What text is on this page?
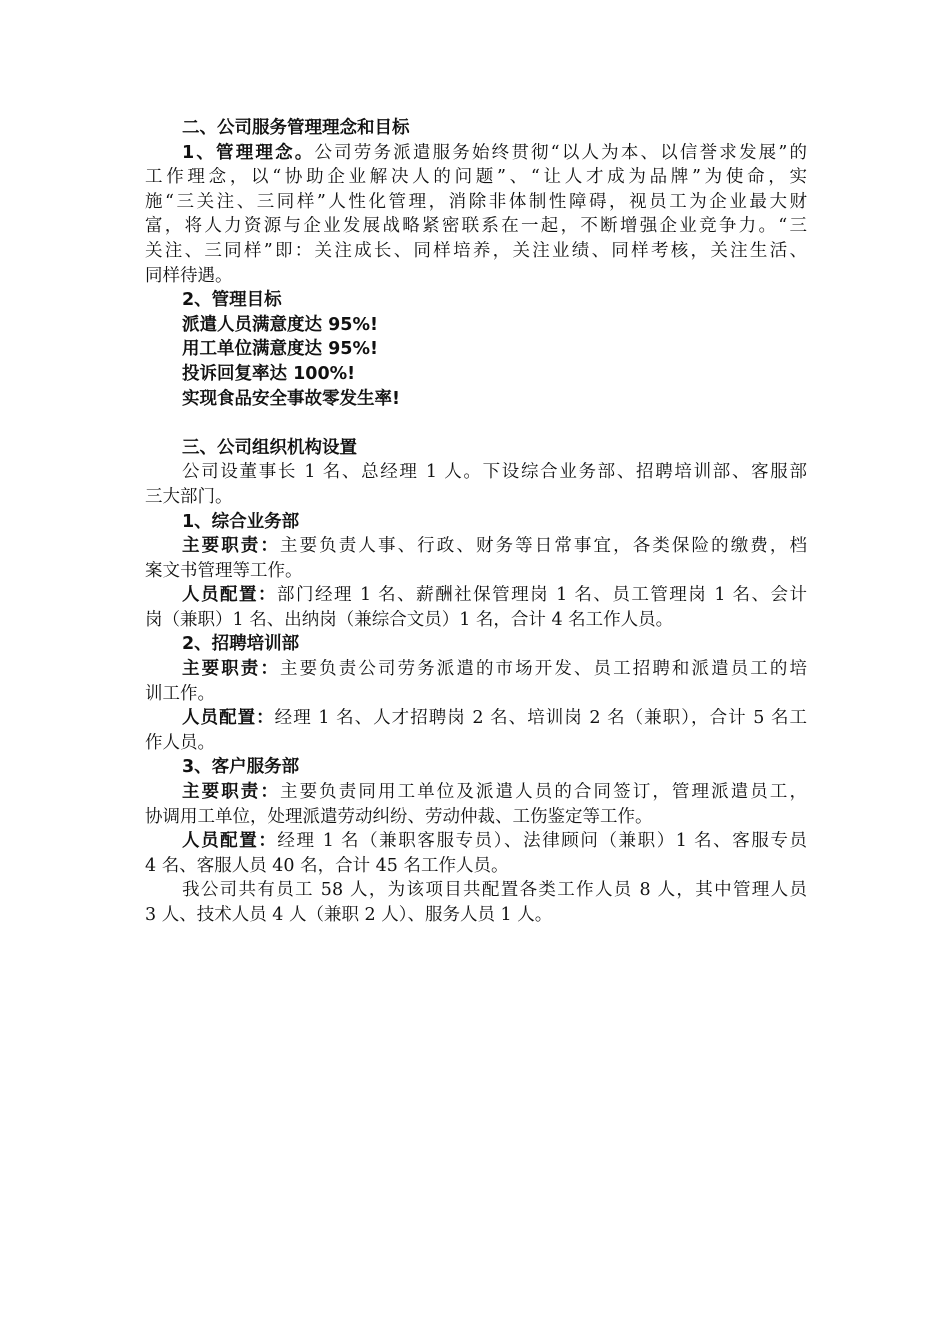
二、公司服务管理理念和目标
1、管理理念。公司劳务派遣服务始终贯彻“以人为本、以信誉求发展”的
工作理念，以“协助企业解决人的问题”、“让人才成为品牌”为使命，实
施“三关注、三同样”人性化管理，消除非体制性障碍，视员工为企业最大财
富，将人力资源与企业发展战略紧密联系在一起，不断增强企业竞争力。“三
关注、三同样”即：关注成长、同样培养，关注业绩、同样考核，关注生活、
同样待遇。
2、管理目标
派遣人员满意度达 95%!
用工单位满意度达 95%!
投诉回复率达 100%!
实现食品安全事故零发生率!
三、公司组织机构设置
公司设董事长 1 名、总经理 1 人。下设综合业务部、招聘培训部、客服部
三大部门。
1、综合业务部
主要职责：主要负责人事、行政、财务等日常事宜，各类保险的缴费，档
案文书管理等工作。
人员配置：部门经理 1 名、薪酬社保管理岗 1 名、员工管理岗 1 名、会计
岗（兼职）1 名、出纳岗（兼综合文员）1 名，合计 4 名工作人员。
2、招聘培训部
主要职责：主要负责公司劳务派遣的市场开发、员工招聘和派遣员工的培
训工作。
人员配置：经理 1 名、人才招聘岗 2 名、培训岗 2 名（兼职），合计 5 名工
作人员。
3、客户服务部
主要职责：主要负责同用工单位及派遣人员的合同签订，管理派遣员工，
协调用工单位，处理派遣劳动纠纷、劳动仲裁、工伤鉴定等工作。
人员配置：经理 1 名（兼职客服专员）、法律顾问（兼职）1 名、客服专员
4 名、客服人员 40 名，合计 45 名工作人员。
我公司共有员工 58 人，为该项目共配置各类工作人员 8 人，其中管理人员
3 人、技术人员 4 人（兼职 2 人）、服务人员 1 人。
